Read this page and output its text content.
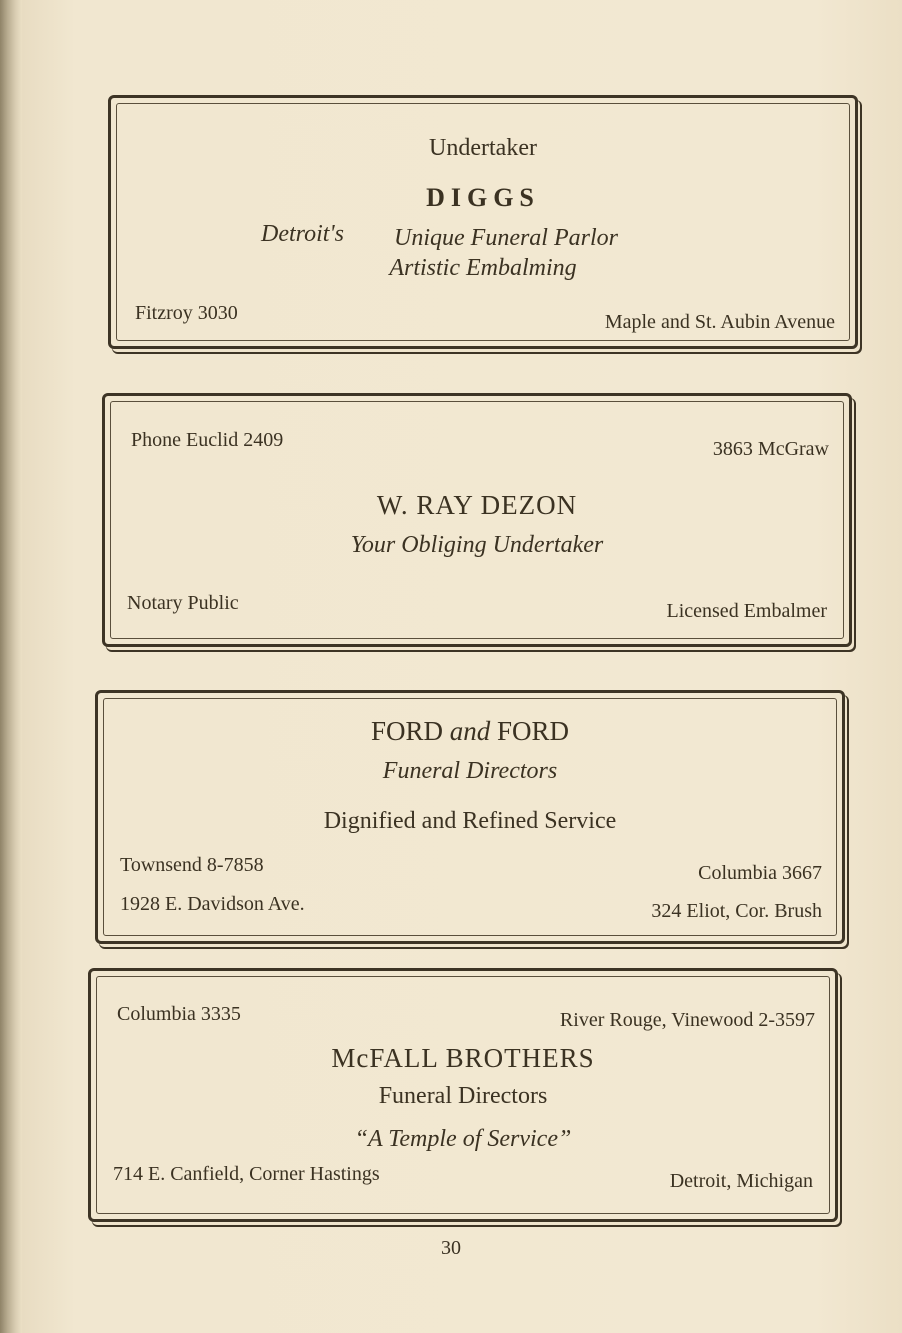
Undertaker
DIGGS
Detroit's Unique Funeral Parlor
Artistic Embalming
Fitzroy 3030	Maple and St. Aubin Avenue
Phone Euclid 2409	3863 McGraw
W. RAY DEZON
Your Obliging Undertaker
Notary Public	Licensed Embalmer
FORD and FORD
Funeral Directors
Dignified and Refined Service
Townsend 8-7858	Columbia 3667
1928 E. Davidson Ave.	324 Eliot, Cor. Brush
Columbia 3335	River Rouge, Vinewood 2-3597
McFALL BROTHERS
Funeral Directors
“A Temple of Service”
714 E. Canfield, Corner Hastings	Detroit, Michigan
30
